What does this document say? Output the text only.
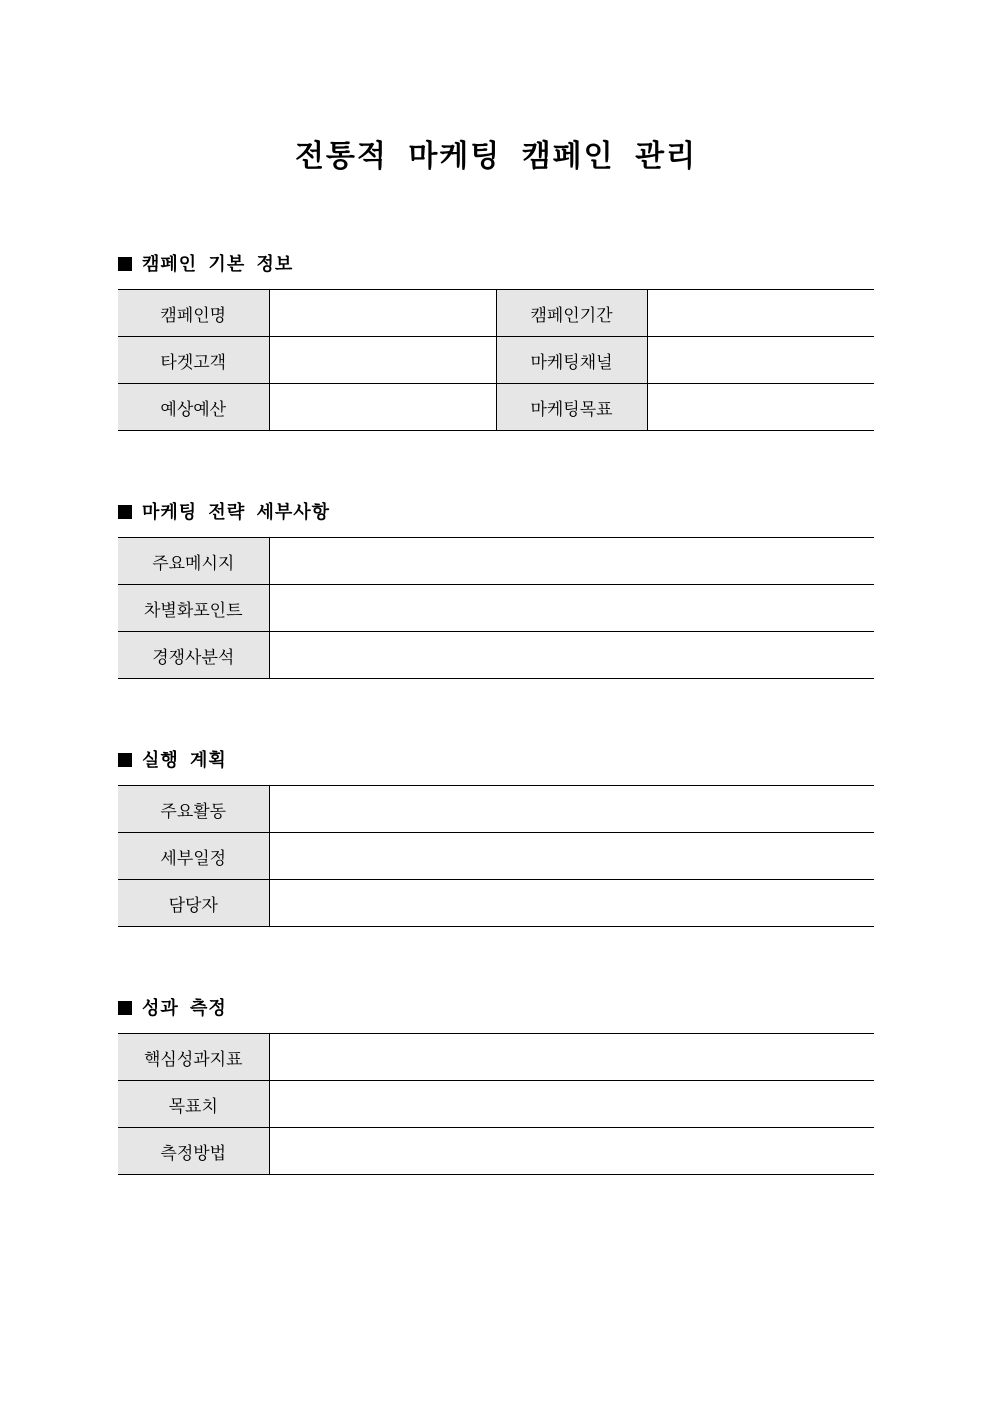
전통적 마케팅 캠페인 관리
캠페인 기본 정보
캠페인명		캠페인기간	
타겟고객		마케팅채널	
예상예산		마케팅목표	
마케팅 전략 세부사항
주요메시지	
차별화포인트	
경쟁사분석	
실행 계획
주요활동	
세부일정	
담당자	
성과 측정
핵심성과지표	
목표치	
측정방법	
